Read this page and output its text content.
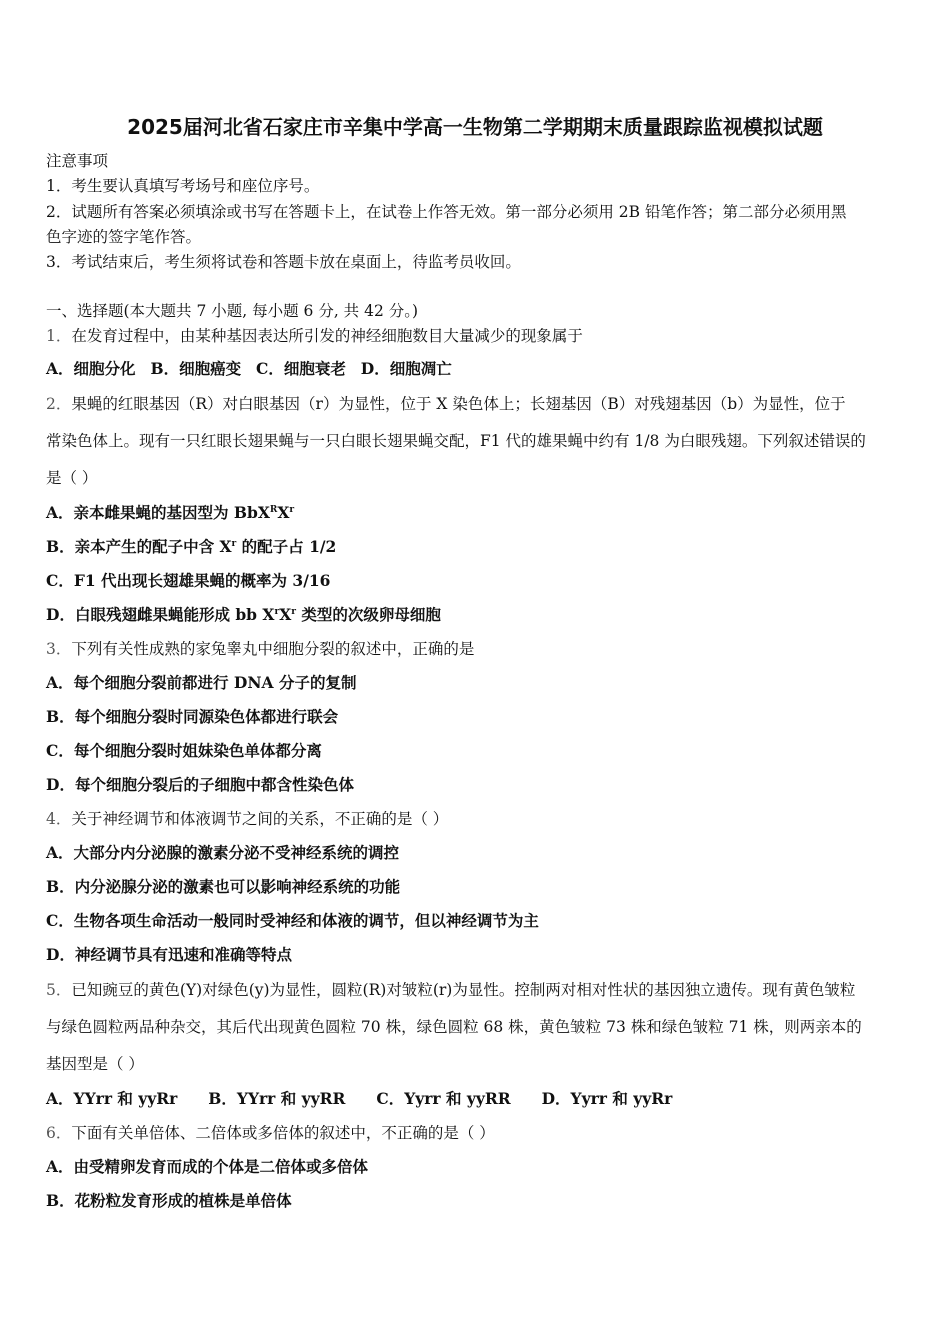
2025届河北省石家庄市辛集中学高一生物第二学期期末质量跟踪监视模拟试题
注意事项
1．考生要认真填写考场号和座位序号。
2．试题所有答案必须填涂或书写在答题卡上，在试卷上作答无效。第一部分必须用 2B 铅笔作答；第二部分必须用黑
色字迹的签字笔作答。
3．考试结束后，考生须将试卷和答题卡放在桌面上，待监考员收回。
一、选择题(本大题共 7 小题, 每小题 6 分, 共 42 分。)
1．在发育过程中，由某种基因表达所引发的神经细胞数目大量减少的现象属于
A．细胞分化 B．细胞癌变 C．细胞衰老 D．细胞凋亡
2．果蝇的红眼基因（R）对白眼基因（r）为显性，位于 X 染色体上；长翅基因（B）对残翅基因（b）为显性，位于
常染色体上。现有一只红眼长翅果蝇与一只白眼长翅果蝇交配，F1 代的雄果蝇中约有 1/8 为白眼残翅。下列叙述错误的
是（ ）
A．亲本雌果蝇的基因型为 $BbX^RX^r$
B．亲本产生的配子中含 $X^r$ 的配子占 1/2
C．F1 代出现长翅雄果蝇的概率为 3/16
D．白眼残翅雌果蝇能形成 bb $X^rX^r$ 类型的次级卵母细胞
3．下列有关性成熟的家兔睾丸中细胞分裂的叙述中，正确的是
A．每个细胞分裂前都进行 DNA 分子的复制
B．每个细胞分裂时同源染色体都进行联会
C．每个细胞分裂时姐妹染色单体都分离
D．每个细胞分裂后的子细胞中都含性染色体
4．关于神经调节和体液调节之间的关系，不正确的是（ ）
A．大部分内分泌腺的激素分泌不受神经系统的调控
B．内分泌腺分泌的激素也可以影响神经系统的功能
C．生物各项生命活动一般同时受神经和体液的调节，但以神经调节为主
D．神经调节具有迅速和准确等特点
5．已知豌豆的黄色(Y)对绿色(y)为显性，圆粒(R)对皱粒(r)为显性。控制两对相对性状的基因独立遗传。现有黄色皱粒
与绿色圆粒两品种杂交，其后代出现黄色圆粒 70 株，绿色圆粒 68 株，黄色皱粒 73 株和绿色皱粒 71 株，则两亲本的
基因型是（ ）
A．YYrr 和 yyRr B．YYrr 和 yyRR C．Yyrr 和 yyRR D．Yyrr 和 yyRr
6．下面有关单倍体、二倍体或多倍体的叙述中，不正确的是（ ）
A．由受精卵发育而成的个体是二倍体或多倍体
B．花粉粒发育形成的植株是单倍体
